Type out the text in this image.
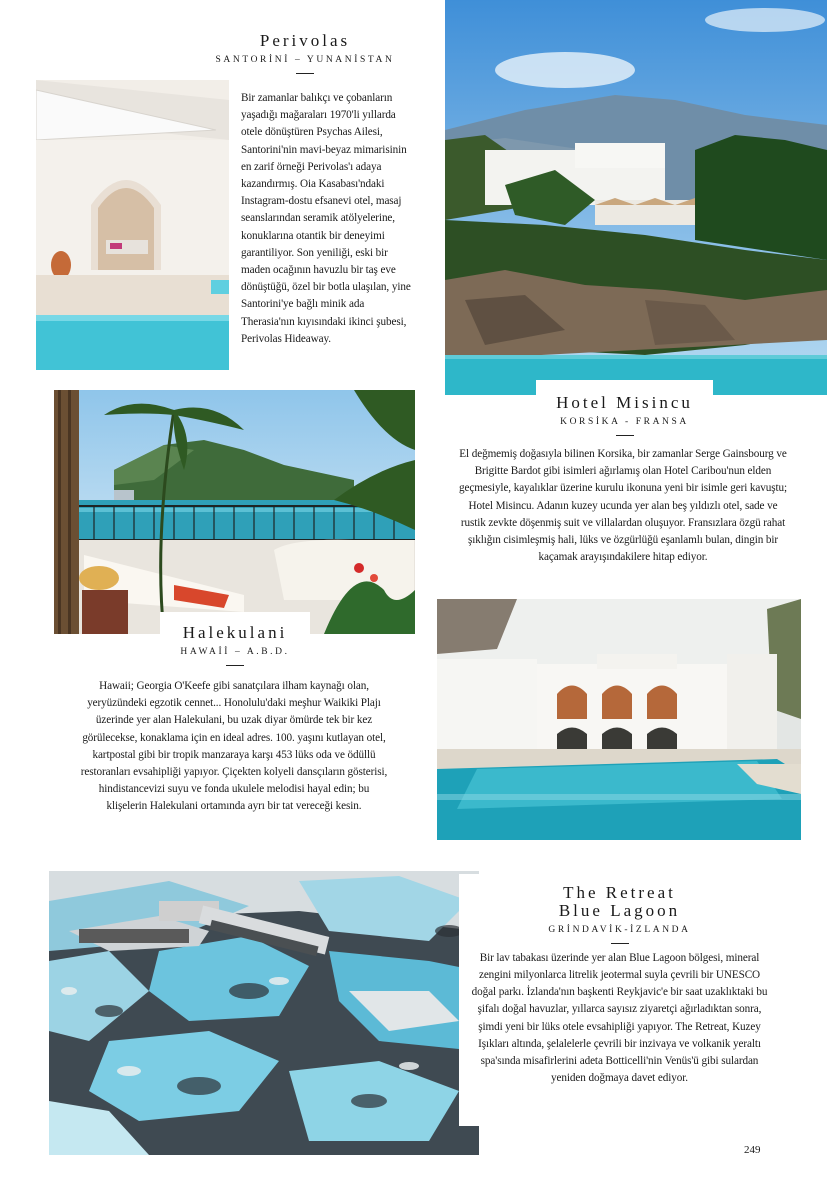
Perivolas
SANTORİNİ – YUNANİSTAN
Bir zamanlar balıkçı ve çobanların yaşadığı mağaraları 1970'li yıllarda otele dönüştüren Psychas Ailesi, Santorini'nin mavi-beyaz mimarisinin en zarif örneği Perivolas'ı adaya kazandırmış. Oia Kasabası'ndaki Instagram-dostu efsanevi otel, masaj seanslarından seramik atölyelerine, konuklarına otantik bir deneyimi garantiliyor. Son yeniliği, eski bir maden ocağının havuzlu bir taş eve dönüştüğü, özel bir botla ulaşılan, yine Santorini'ye bağlı minik ada Therasia'nın kıyısındaki ikinci şubesi, Perivolas Hideaway.
Hotel Misincu
KORSİKA - FRANSA
El değmemiş doğasıyla bilinen Korsika, bir zamanlar Serge Gainsbourg ve Brigitte Bardot gibi isimleri ağırlamış olan Hotel Caribou'nun elden geçmesiyle, kayalıklar üzerine kurulu ikonuna yeni bir isimle geri kavuştu; Hotel Misincu. Adanın kuzey ucunda yer alan beş yıldızlı otel, sade ve rustik zevkte döşenmiş suit ve villalardan oluşuyor. Fransızlara özgü rahat şıklığın cisimleşmiş hali, lüks ve özgürlüğü eşanlamlı bulan, dingin bir kaçamak arayışındakilere hitap ediyor.
Halekulani
HAWAİİ – A.B.D.
Hawaii; Georgia O'Keefe gibi sanatçılara ilham kaynağı olan, yeryüzündeki egzotik cennet... Honolulu'daki meşhur Waikiki Plajı üzerinde yer alan Halekulani, bu uzak diyar ömürde tek bir kez görülecekse, konaklama için en ideal adres. 100. yaşını kutlayan otel, kartpostal gibi bir tropik manzaraya karşı 453 lüks oda ve ödüllü restoranları evsahipliği yapıyor. Çiçekten kolyeli dansçıların gösterisi, hindistancevizi suyu ve fonda ukulele melodisi hayal edin; bu klişelerin Halekulani ortamında ayrı bir tat vereceği kesin.
The Retreat
Blue Lagoon
GRİNDAVİK-İZLANDA
Bir lav tabakası üzerinde yer alan Blue Lagoon bölgesi, mineral zengini milyonlarca litrelik jeotermal suyla çevrili bir UNESCO doğal parkı. İzlanda'nın başkenti Reykjavic'e bir saat uzaklıktaki bu şifalı doğal havuzlar, yıllarca sayısız ziyaretçi ağırladıktan sonra, şimdi yeni bir lüks otele evsahipliği yapıyor. The Retreat, Kuzey Işıkları altında, şelalelerle çevrili bir inzivaya ve volkanik yeraltı spa'sında misafirlerini adeta Botticelli'nin Venüs'ü gibi sulardan yeniden doğmaya davet ediyor.
249
